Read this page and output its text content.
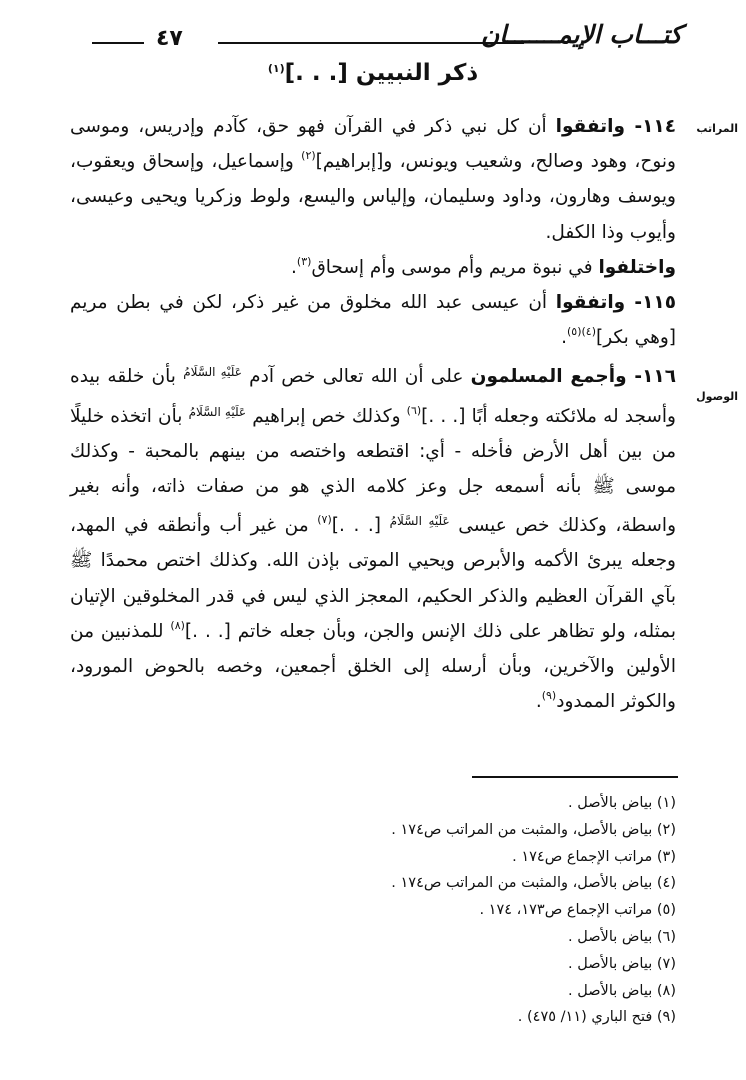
٤٧	كتـــاب الإيمـــــــان
ذكر النبيين [. . .]$^{(١)}$
المراتب
الوصول

١١٤- واتفقوا أن كل نبي ذكر في القرآن فهو حق، كآدم وإدريس، وموسى ونوح، وهود وصالح، وشعيب ويونس، و[إبراهيم]$^{(٢)}$ وإسماعيل، وإسحاق ويعقوب، ويوسف وهارون، وداود وسليمان، وإلياس واليسع، ولوط وزكريا ويحيى وعيسى، وأيوب وذا الكفل.

واختلفوا في نبوة مريم وأم موسى وأم إسحاق$^{(٣)}$.

١١٥- واتفقوا أن عيسى عبد الله مخلوق من غير ذكر، لكن في بطن مريم [وهي بكر]$^{(٤)(٥)}$.

١١٦- وأجمع المسلمون على أن الله تعالى خص آدم $^{عَلَيْهِ السَّلَامُ}$ بأن خلقه بيده وأسجد له ملائكته وجعله أبًا [. . .]$^{(٦)}$ وكذلك خص إبراهيم $^{عَلَيْهِ السَّلَامُ}$ بأن اتخذه خليلًا من بين أهل الأرض فأخله - أي: اقتطعه واختصه من بينهم بالمحبة - وكذلك موسى ﷺ بأنه أسمعه جل وعز كلامه الذي هو من صفات ذاته، وأنه بغير واسطة، وكذلك خص عيسى $^{عَلَيْهِ السَّلَامُ}$ [. . .]$^{(٧)}$ من غير أب وأنطقه في المهد، وجعله يبرئ الأكمه والأبرص ويحيي الموتى بإذن الله. وكذلك اختص محمدًا ﷺ بآي القرآن العظيم والذكر الحكيم، المعجز الذي ليس في قدر المخلوقين الإتيان بمثله، ولو تظاهر على ذلك الإنس والجن، وبأن جعله خاتم [. . .]$^{(٨)}$ للمذنبين من الأولين والآخرين، وبأن أرسله إلى الخلق أجمعين، وخصه بالحوض المورود، والكوثر الممدود$^{(٩)}$.

(١) بياض بالأصل .
(٢) بياض بالأصل، والمثبت من المراتب ص١٧٤ .
(٣) مراتب الإجماع ص١٧٤ .
(٤) بياض بالأصل، والمثبت من المراتب ص١٧٤ .
(٥) مراتب الإجماع ص١٧٣، ١٧٤ .
(٦) بياض بالأصل .
(٧) بياض بالأصل .
(٨) بياض بالأصل .
(٩) فتح الباري (١١/ ٤٧٥) .
